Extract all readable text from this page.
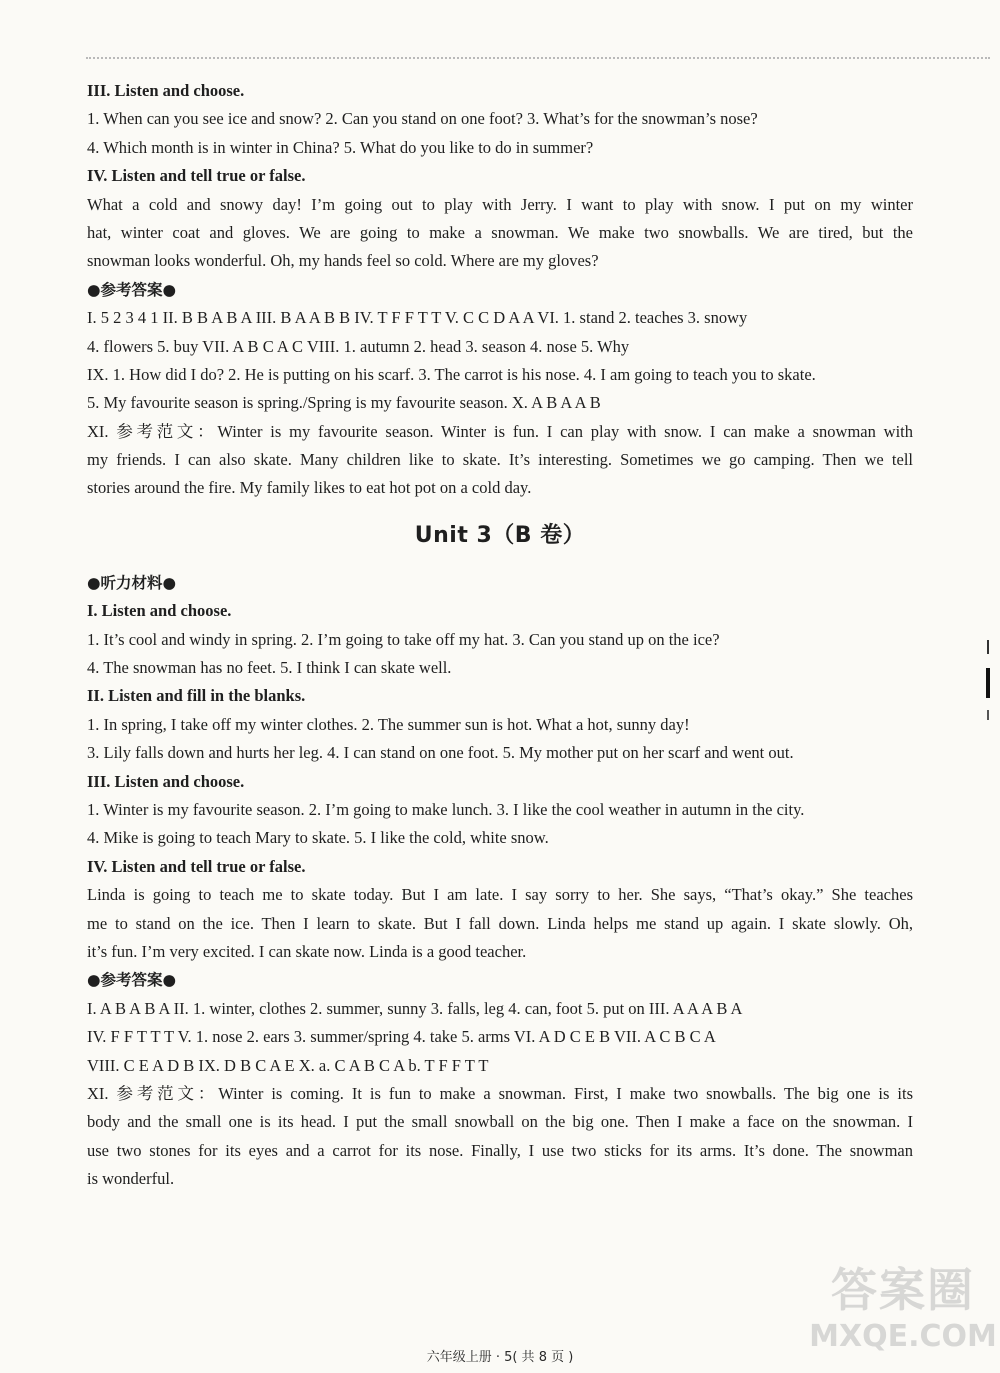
III. Listen and choose.
1. When can you see ice and snow? 2. Can you stand on one foot? 3. What’s for the snowman’s nose?
4. Which month is in winter in China? 5. What do you like to do in summer?
IV. Listen and tell true or false.
What a cold and snowy day! I’m going out to play with Jerry. I want to play with snow. I put on my winter
hat, winter coat and gloves. We are going to make a snowman. We make two snowballs. We are tired, but the
snowman looks wonderful. Oh, my hands feel so cold. Where are my gloves?
●参考答案●
I. 5 2 3 4 1 II. B B A B A III. B A A B B IV. T F F T T V. C C D A A VI. 1. stand 2. teaches 3. snowy
4. flowers 5. buy VII. A B C A C VIII. 1. autumn 2. head 3. season 4. nose 5. Why
IX. 1. How did I do? 2. He is putting on his scarf. 3. The carrot is his nose. 4. I am going to teach you to skate.
5. My favourite season is spring./Spring is my favourite season. X. A B A A B
XI. 参考范文：Winter is my favourite season. Winter is fun. I can play with snow. I can make a snowman with
my friends. I can also skate. Many children like to skate. It’s interesting. Sometimes we go camping. Then we tell
stories around the fire. My family likes to eat hot pot on a cold day.
Unit 3（B 卷）
●听力材料●
I. Listen and choose.
1. It’s cool and windy in spring. 2. I’m going to take off my hat. 3. Can you stand up on the ice?
4. The snowman has no feet. 5. I think I can skate well.
II. Listen and fill in the blanks.
1. In spring, I take off my winter clothes. 2. The summer sun is hot. What a hot, sunny day!
3. Lily falls down and hurts her leg. 4. I can stand on one foot. 5. My mother put on her scarf and went out.
III. Listen and choose.
1. Winter is my favourite season. 2. I’m going to make lunch. 3. I like the cool weather in autumn in the city.
4. Mike is going to teach Mary to skate. 5. I like the cold, white snow.
IV. Listen and tell true or false.
Linda is going to teach me to skate today. But I am late. I say sorry to her. She says, “That’s okay.” She teaches
me to stand on the ice. Then I learn to skate. But I fall down. Linda helps me stand up again. I skate slowly. Oh,
it’s fun. I’m very excited. I can skate now. Linda is a good teacher.
●参考答案●
I. A B A B A II. 1. winter, clothes 2. summer, sunny 3. falls, leg 4. can, foot 5. put on III. A A A B A
IV. F F T T T V. 1. nose 2. ears 3. summer/spring 4. take 5. arms VI. A D C E B VII. A C B C A
VIII. C E A D B IX. D B C A E X. a. C A B C A b. T F F T T
XI. 参考范文：Winter is coming. It is fun to make a snowman. First, I make two snowballs. The big one is its
body and the small one is its head. I put the small snowball on the big one. Then I make a face on the snowman. I
use two stones for its eyes and a carrot for its nose. Finally, I use two sticks for its arms. It’s done. The snowman
is wonderful.
六年级上册 · 5( 共 8 页 )
答案圈
MXQE.COM
